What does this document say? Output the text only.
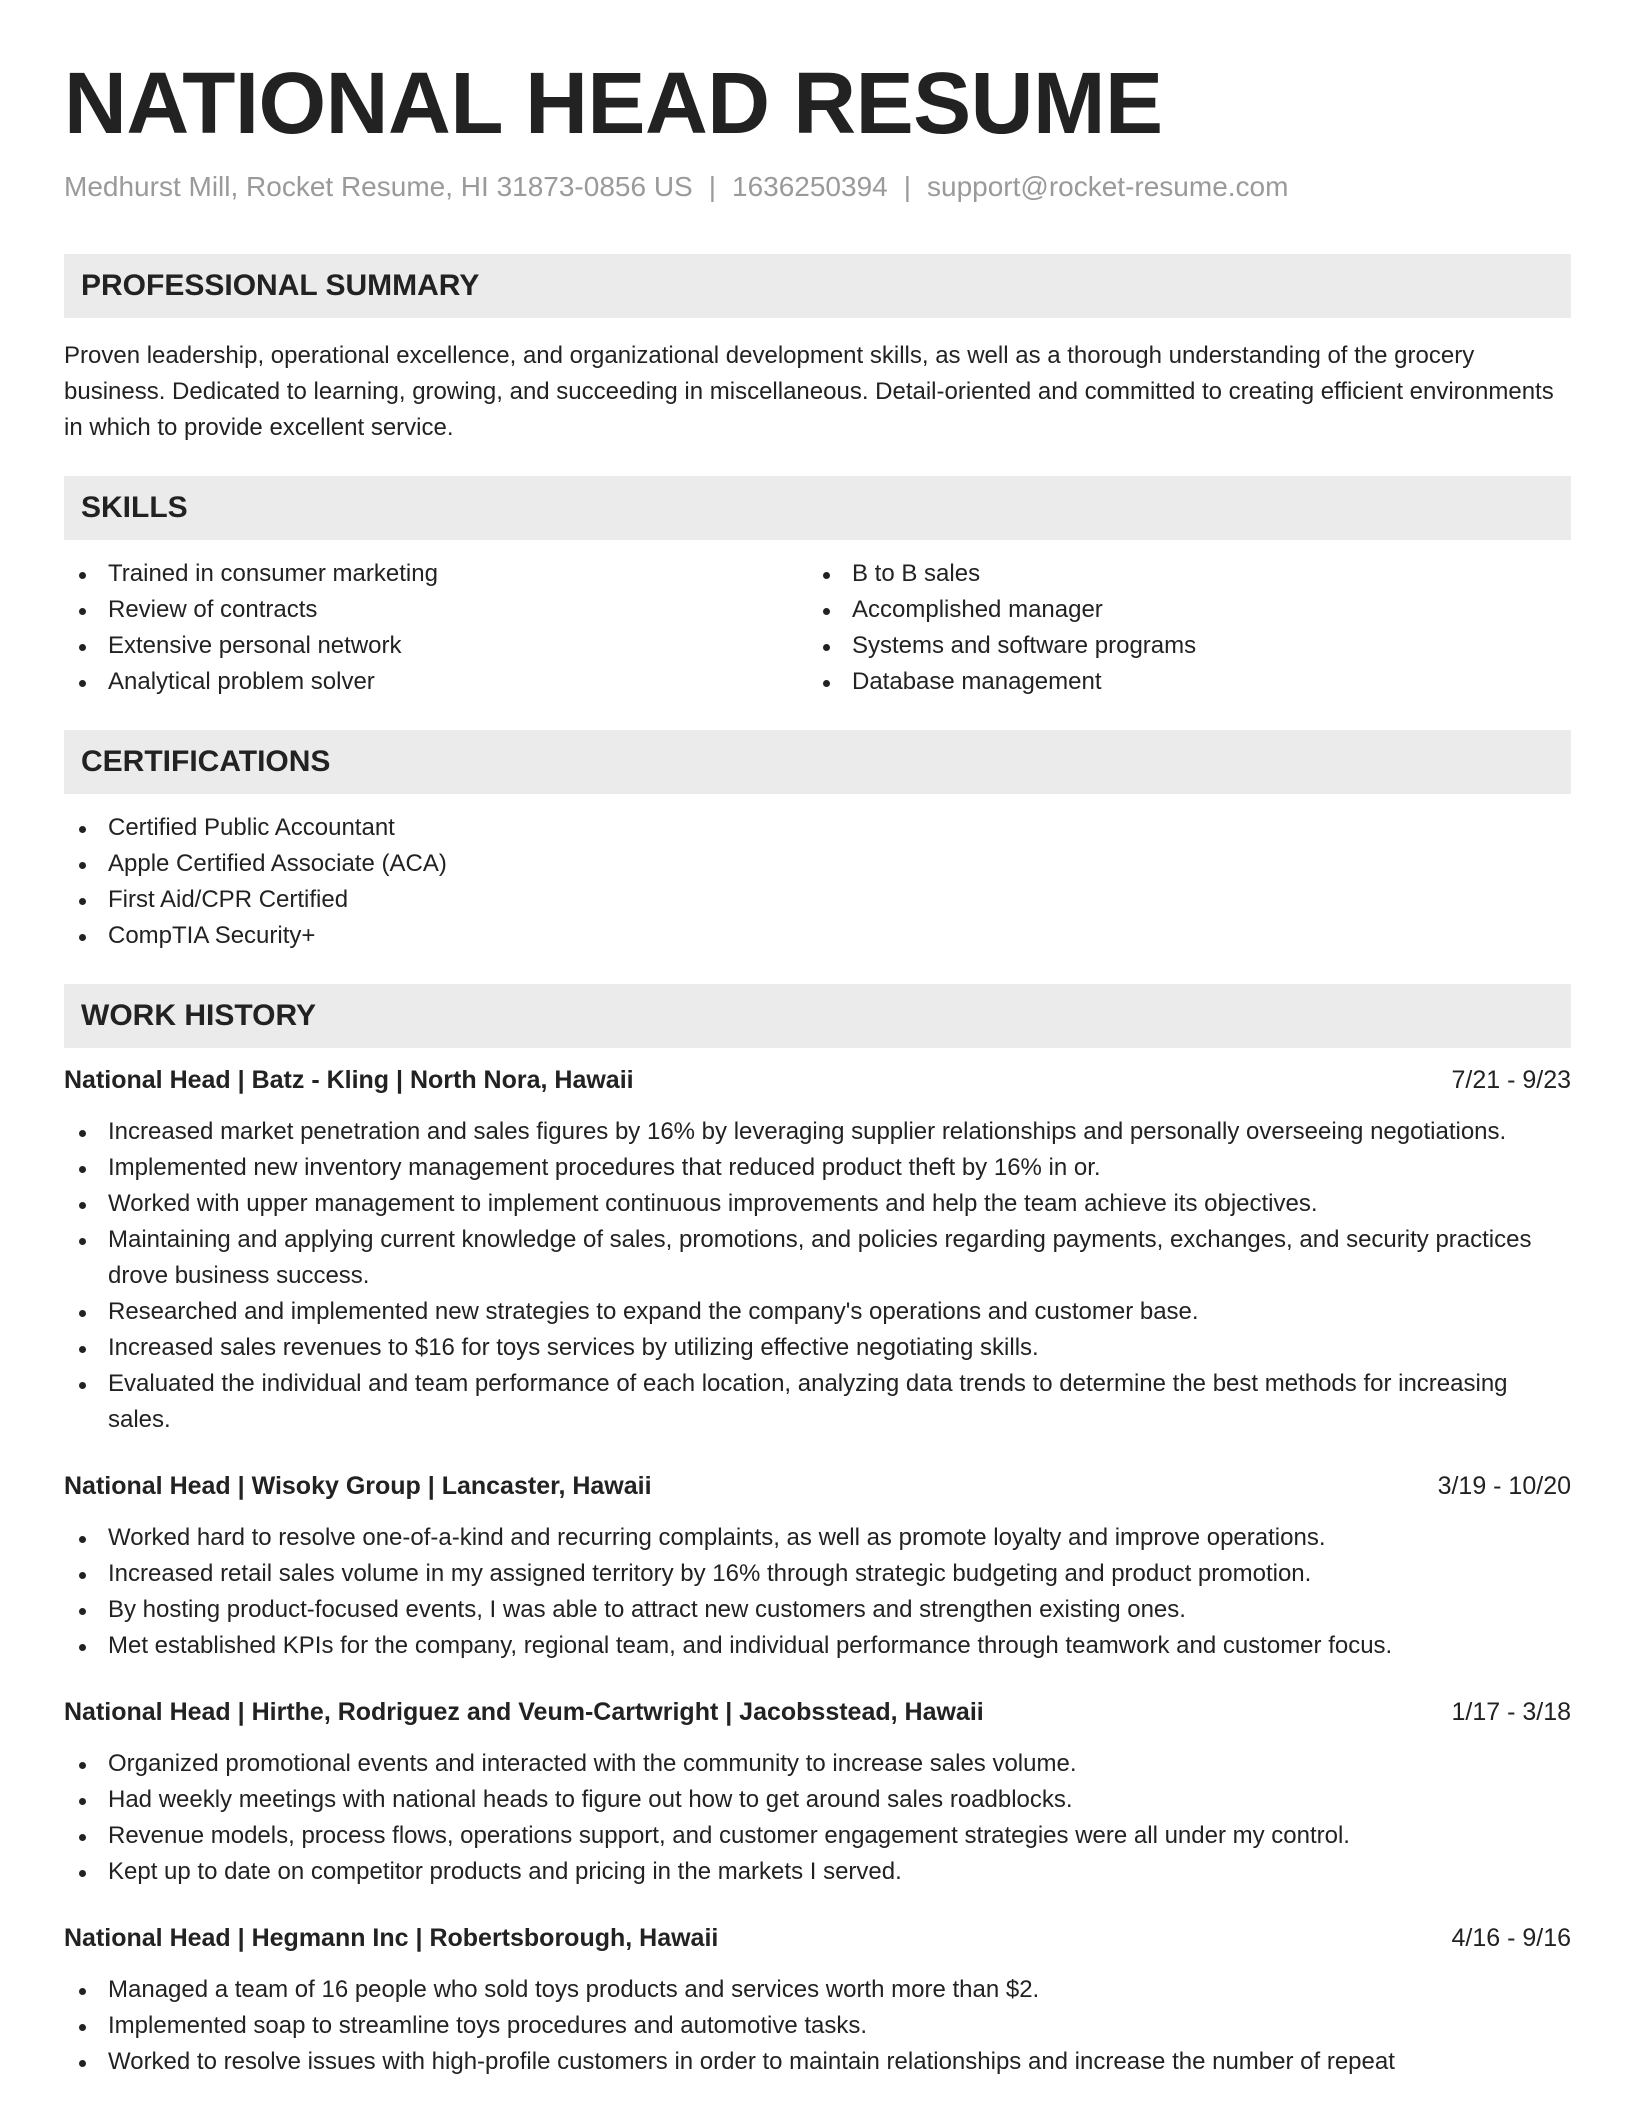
NATIONAL HEAD RESUME
Medhurst Mill, Rocket Resume, HI 31873-0856 US | 1636250394 | support@rocket-resume.com
PROFESSIONAL SUMMARY

Proven leadership, operational excellence, and organizational development skills, as well as a thorough understanding of the grocery business. Dedicated to learning, growing, and succeeding in miscellaneous. Detail-oriented and committed to creating efficient environments in which to provide excellent service.

SKILLS
Trained in consumer marketing
Review of contracts
Extensive personal network
Analytical problem solver
B to B sales
Accomplished manager
Systems and software programs
Database management
CERTIFICATIONS
Certified Public Accountant
Apple Certified Associate (ACA)
First Aid/CPR Certified
CompTIA Security+
WORK HISTORY
National Head | Batz - Kling | North Nora, Hawaii	7/21 - 9/23
Increased market penetration and sales figures by 16% by leveraging supplier relationships and personally overseeing negotiations.
Implemented new inventory management procedures that reduced product theft by 16% in or.
Worked with upper management to implement continuous improvements and help the team achieve its objectives.
Maintaining and applying current knowledge of sales, promotions, and policies regarding payments, exchanges, and security practices drove business success.
Researched and implemented new strategies to expand the company's operations and customer base.
Increased sales revenues to $16 for toys services by utilizing effective negotiating skills.
Evaluated the individual and team performance of each location, analyzing data trends to determine the best methods for increasing sales.
National Head | Wisoky Group | Lancaster, Hawaii	3/19 - 10/20
Worked hard to resolve one-of-a-kind and recurring complaints, as well as promote loyalty and improve operations.
Increased retail sales volume in my assigned territory by 16% through strategic budgeting and product promotion.
By hosting product-focused events, I was able to attract new customers and strengthen existing ones.
Met established KPIs for the company, regional team, and individual performance through teamwork and customer focus.
National Head | Hirthe, Rodriguez and Veum-Cartwright | Jacobsstead, Hawaii	1/17 - 3/18
Organized promotional events and interacted with the community to increase sales volume.
Had weekly meetings with national heads to figure out how to get around sales roadblocks.
Revenue models, process flows, operations support, and customer engagement strategies were all under my control.
Kept up to date on competitor products and pricing in the markets I served.
National Head | Hegmann Inc | Robertsborough, Hawaii	4/16 - 9/16
Managed a team of 16 people who sold toys products and services worth more than $2.
Implemented soap to streamline toys procedures and automotive tasks.
Worked to resolve issues with high-profile customers in order to maintain relationships and increase the number of repeat
